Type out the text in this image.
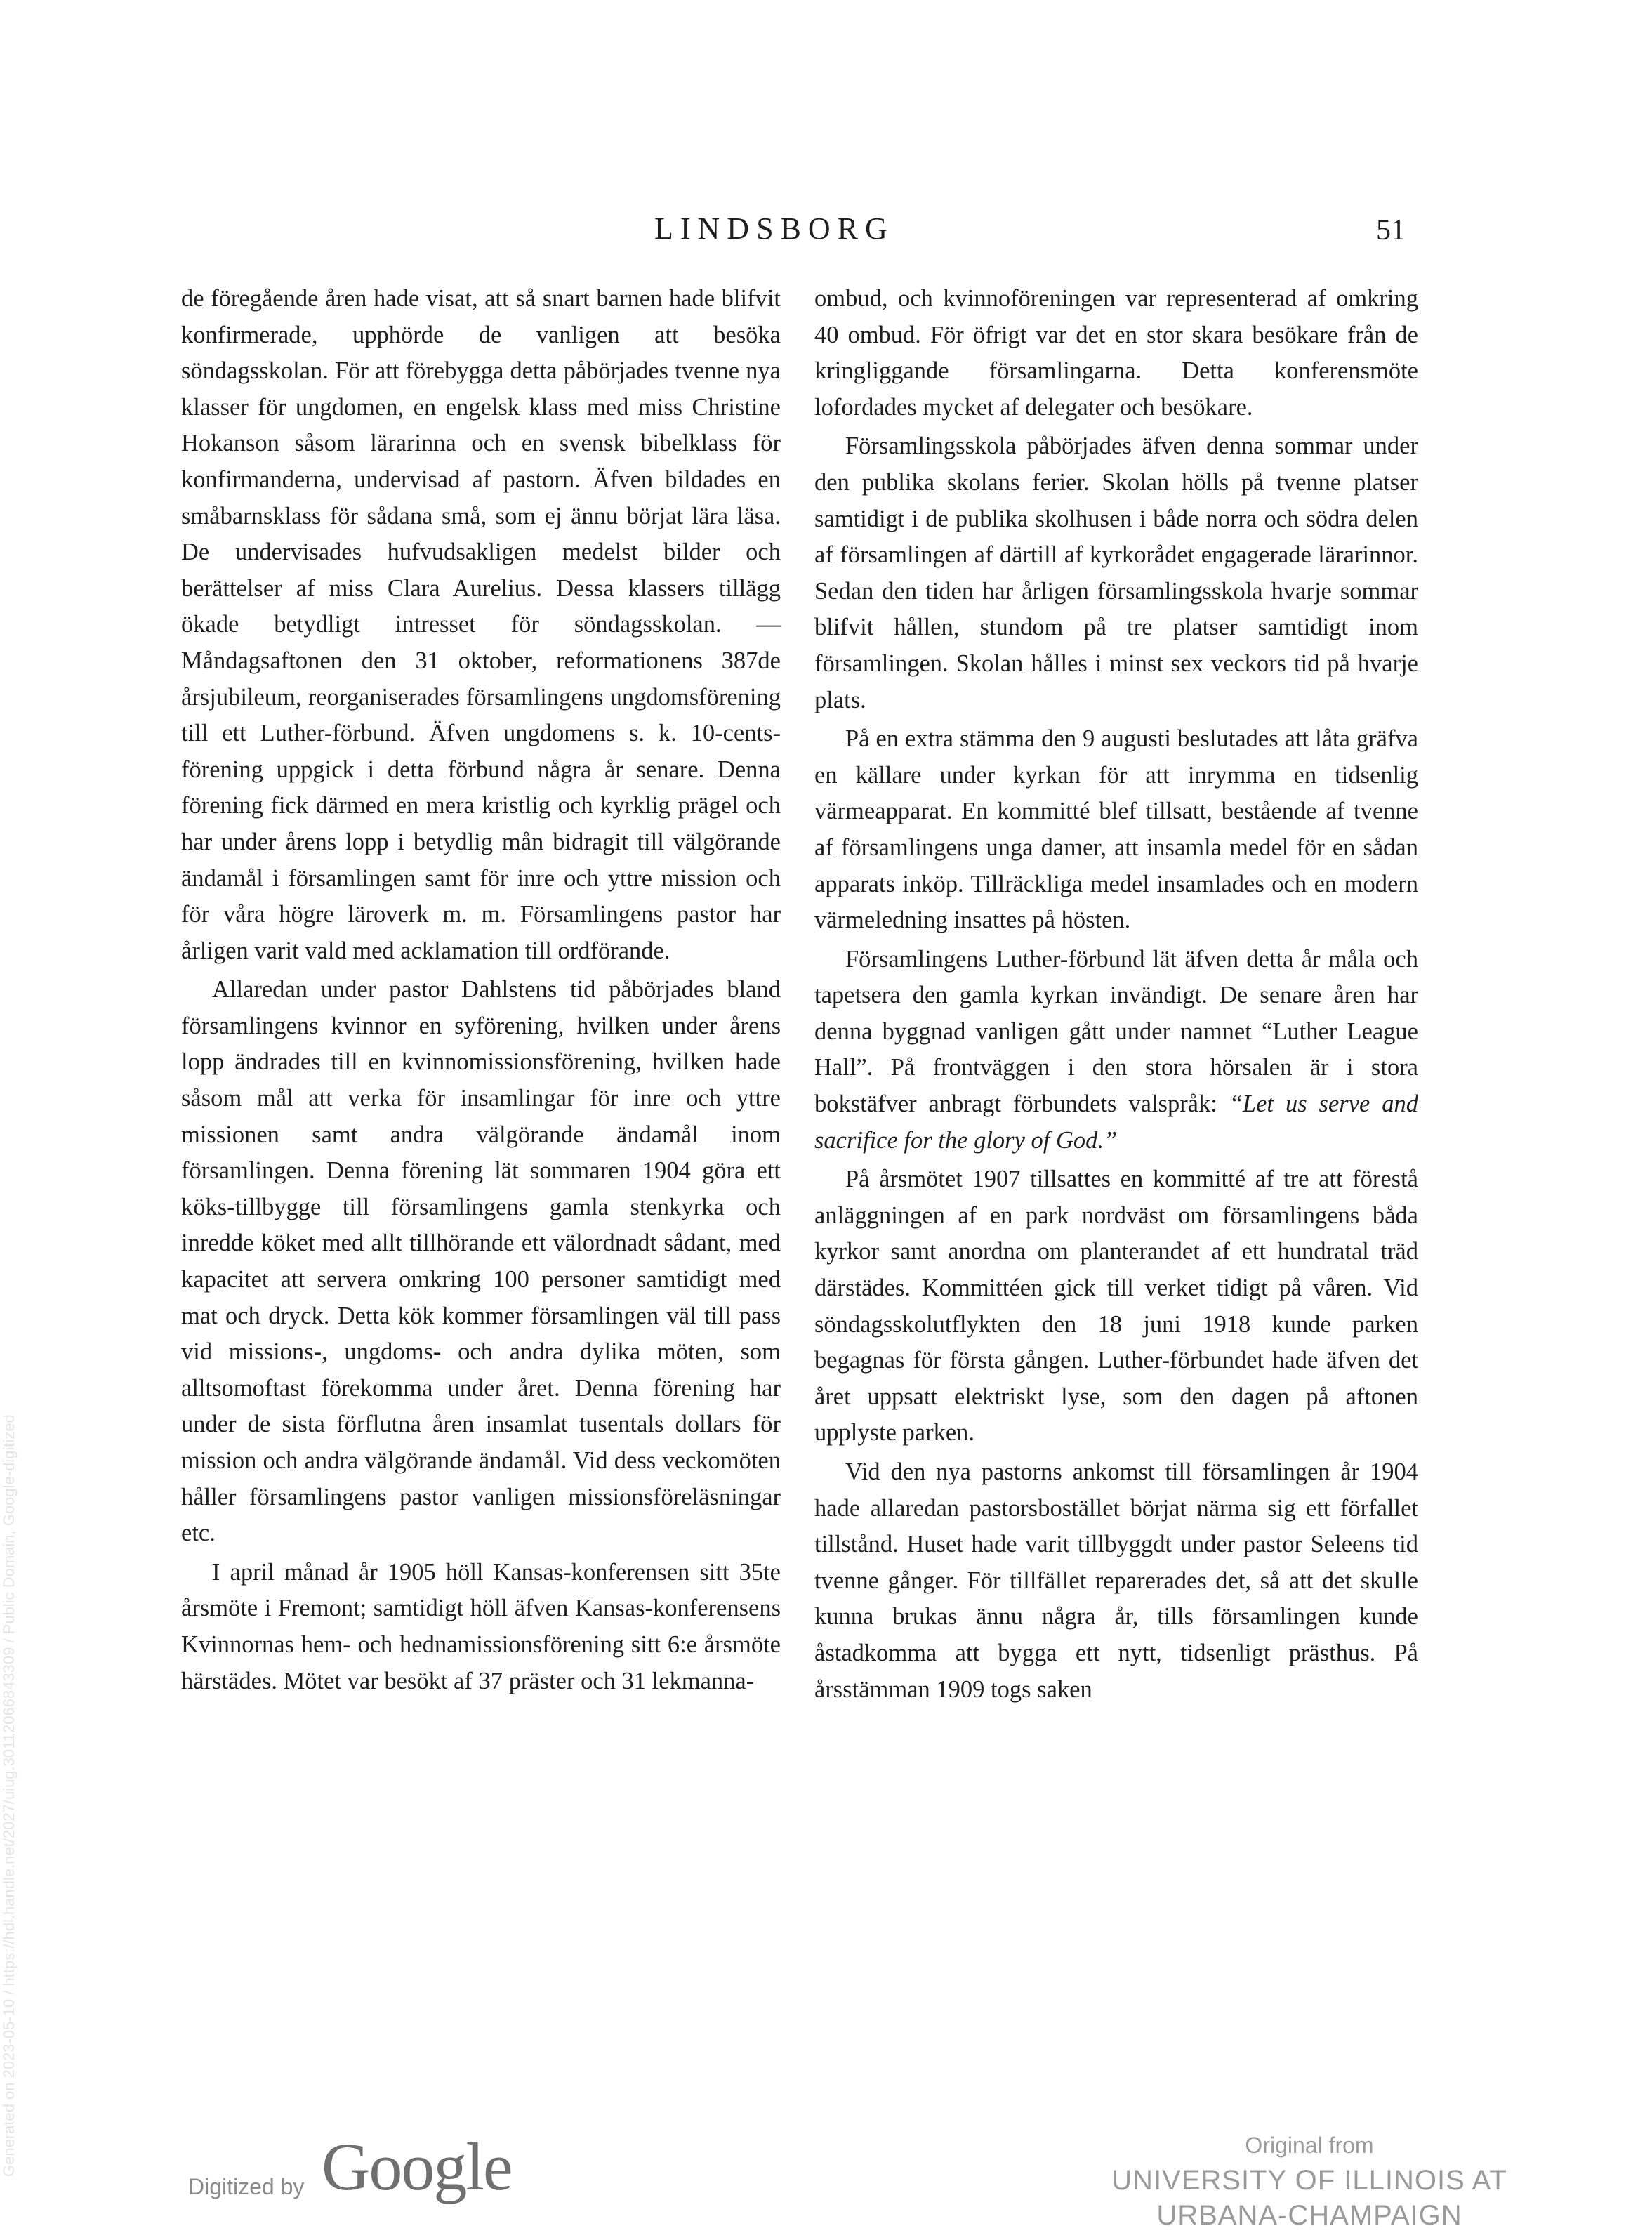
LINDSBORG	51

de föregående åren hade visat, att så snart barnen hade blifvit konfirmerade, upphörde de vanligen att besöka söndagsskolan. För att förebygga detta påbörjades tvenne nya klasser för ungdomen, en engelsk klass med miss Christine Hokanson såsom lärarinna och en svensk bibelklass för konfirmanderna, undervisad af pastorn. Äfven bildades en småbarnsklass för sådana små, som ej ännu börjat lära läsa. De undervisades hufvudsakligen medelst bilder och berättelser af miss Clara Aurelius. Dessa klassers tillägg ökade betydligt intresset för söndagsskolan. — Måndagsaftonen den 31 oktober, reformationens 387de årsjubileum, reorganiserades församlingens ungdomsförening till ett Luther-förbund. Äfven ungdomens s. k. 10-cents-förening uppgick i detta förbund några år senare. Denna förening fick därmed en mera kristlig och kyrklig prägel och har under årens lopp i betydlig mån bidragit till välgörande ändamål i församlingen samt för inre och yttre mission och för våra högre läroverk m. m. Församlingens pastor har årligen varit vald med acklamation till ordförande.

Allaredan under pastor Dahlstens tid påbörjades bland församlingens kvinnor en syförening, hvilken under årens lopp ändrades till en kvinnomissionsförening, hvilken hade såsom mål att verka för insamlingar för inre och yttre missionen samt andra välgörande ändamål inom församlingen. Denna förening lät sommaren 1904 göra ett köks-tillbygge till församlingens gamla stenkyrka och inredde köket med allt tillhörande ett välordnadt sådant, med kapacitet att servera omkring 100 personer samtidigt med mat och dryck. Detta kök kommer församlingen väl till pass vid missions-, ungdoms- och andra dylika möten, som alltsomoftast förekomma under året. Denna förening har under de sista förflutna åren insamlat tusentals dollars för mission och andra välgörande ändamål. Vid dess veckomöten håller församlingens pastor vanligen missionsföreläsningar etc.

I april månad år 1905 höll Kansas-konferensen sitt 35te årsmöte i Fremont; samtidigt höll äfven Kansas-konferensens Kvinnornas hem- och hednamissionsförening sitt 6:e årsmöte härstädes. Mötet var besökt af 37 präster och 31 lekmanna-

ombud, och kvinnoföreningen var representerad af omkring 40 ombud. För öfrigt var det en stor skara besökare från de kringliggande församlingarna. Detta konferensmöte lofordades mycket af delegater och besökare.

Församlingsskola påbörjades äfven denna sommar under den publika skolans ferier. Skolan hölls på tvenne platser samtidigt i de publika skolhusen i både norra och södra delen af församlingen af därtill af kyrkorådet engagerade lärarinnor. Sedan den tiden har årligen församlingsskola hvarje sommar blifvit hållen, stundom på tre platser samtidigt inom församlingen. Skolan hålles i minst sex veckors tid på hvarje plats.

På en extra stämma den 9 augusti beslutades att låta gräfva en källare under kyrkan för att inrymma en tidsenlig värmeapparat. En kommitté blef tillsatt, bestående af tvenne af församlingens unga damer, att insamla medel för en sådan apparats inköp. Tillräckliga medel insamlades och en modern värmeledning insattes på hösten.

Församlingens Luther-förbund lät äfven detta år måla och tapetsera den gamla kyrkan invändigt. De senare åren har denna byggnad vanligen gått under namnet “Luther League Hall”. På frontväggen i den stora hörsalen är i stora bokstäfver anbragt förbundets valspråk: “Let us serve and sacrifice for the glory of God.”

På årsmötet 1907 tillsattes en kommitté af tre att förestå anläggningen af en park nordväst om församlingens båda kyrkor samt anordna om planterandet af ett hundratal träd därstädes. Kommittéen gick till verket tidigt på våren. Vid söndagsskolutflykten den 18 juni 1918 kunde parken begagnas för första gången. Luther-förbundet hade äfven det året uppsatt elektriskt lyse, som den dagen på aftonen upplyste parken.

Vid den nya pastorns ankomst till församlingen år 1904 hade allaredan pastorsbostället börjat närma sig ett förfallet tillstånd. Huset hade varit tillbyggdt under pastor Seleens tid tvenne gånger. För tillfället reparerades det, så att det skulle kunna brukas ännu några år, tills församlingen kunde åstadkomma att bygga ett nytt, tidsenligt prästhus. På årsstämman 1909 togs saken

Generated on 2023-05-10 / https://hdl.handle.net/2027/uiug.30112066843309 / Public Domain, Google-digitized
Digitized by Google	Original from
UNIVERSITY OF ILLINOIS AT
URBANA-CHAMPAIGN
